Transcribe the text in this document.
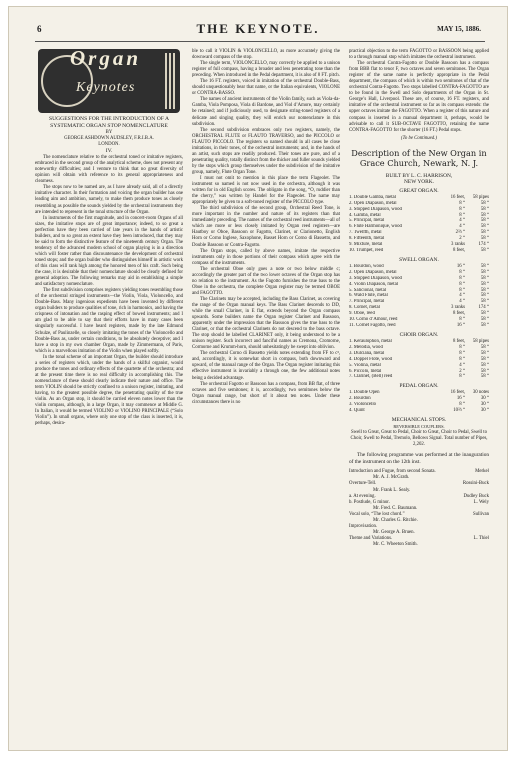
6	THE KEYNOTE.	MAY 15, 1886.
Organ
Keynotes

SUGGESTIONS FOR THE INTRODUCTION OF A

SYSTEMATIC ORGAN STOP NOMENCLATURE

BY

GEORGE ASHDOWN AUDSLEY, F.R.I.B.A.

LONDON.

IV.

The nomenclature relative to the orchestral toned or imitative registers, embraced in the second group of the analytical scheme, does not present any noteworthy difficulties; and I venture to think that no great diversity of opinion will obtain with reference to its general appropriateness and clearness.

The stops now to be named are, as I have already said, all of a directly imitative character. In their formation and voicing the organ builder has one leading aim and ambition, namely, to make them produce tones as closely resembling as possible the sounds yielded by the orchestral instruments they are intended to represent in the tonal structure of the Organ.

In instruments of the first magnitude, and in concert-room Organs of all sizes, the imitative stops are of great importance; indeed, to so great a perfection have they been carried of late years in the hands of artistic builders, and to so great an extent have they been introduced, that they may be said to form the distinctive feature of the nineteenth century Organ. The tendency of the advanced modern school of organ playing is in a direction which will foster rather than discountenance the development of orchestral toned stops; and the organ builder who distinguishes himself in artistic work of this class will rank high among the honored men of his craft. Such being the case, it is desirable that their nomenclature should be clearly defined for general adoption. The following remarks may aid in establishing a simple and satisfactory nomenclature.

The first subdivision comprises registers yielding tones resembling those of the orchestral stringed instruments—the Violin, Viola, Violoncello, and Double-Bass. Many ingenious expedients have been invented by different organ builders to produce qualities of tone, rich in harmonics, and having the crispness of intonation and the rasping effect of bowed instruments; and I am glad to be able to say that their efforts have in many cases been singularly successful. I have heard registers, made by the late Edmund Schulze, of Paulinzelle, so closely imitating the tones of the Violoncello and Double-Bass as, under certain conditions, to be absolutely deceptive; and I have a stop in my own chamber Organ, made by Zimmermann, of Paris, which is a marvellous imitation of the Violin when played softly.

In the tonal scheme of an important Organ, the builder should introduce a series of registers which, under the hands of a skilful organist, would produce the tones and ordinary effects of the quartette of the orchestra; and at the present time there is no real difficulty in accomplishing this. The nomenclature of these should clearly indicate their nature and office. The term VIOLIN should be strictly confined to a unison register, imitating, and having, to the greatest possible degree, the penetrating quality of the true violin. As an Organ stop, it should be carried eleven notes lower than the violin compass, although, in a large Organ, it may commence at Middle G. In Italian, it would be termed VIOLINO or VIOLINO PRINCIPALE (“Solo Violin”). In small organs, where only one stop of the class is inserted, it is, perhaps, desira-

ble to call it VIOLIN & VIOLONCELLO, as more accurately giving the downward compass of the stop.

The single term, VIOLONCELLO, may correctly be applied to a unison register of full compass, having a broader and less penetrating tone than the preceding. When introduced in the Pedal department, it is also of 8 FT. pitch.

The 16 FT. registers, voiced in imitation of the orchestral Double-Bass, should unquestionably bear that name, or the Italian equivalents, VIOLONE or CONTRA-BASSO.

The names of ancient instruments of the Violin family, such as Viola-da-Gamba, Viola Pomposa, Viola di Bardone, and Viol d’Amore, may certainly be retained; and if judiciously used, to designate string-toned registers of a delicate and singing quality, they will enrich our nomenclature in this subdivision.

The second subdivision embraces only two registers, namely, the ORCHESTRAL FLUTE or FLAUTO TRAVERSO, and the PICCOLO or FLAUTO PICCOLO. The registers so named should in all cases be close imitations, in their tones, of the orchestral instruments; and, in the hands of an artist, such stops are readily produced. Their tones are pure, and of a penetrating quality, totally distinct from the thicker and fuller sounds yielded by the stops which group themselves under the subdivision of the imitative group, namely, Flute Organ Tone.

I must not omit to mention in this place the term Flageolet. The instrument so named is not now used in the orchestra, although it was written for in old English scores. The obligato in the song, “O, ruddier than the cherry,” was written by Handel for the Flageolet. The name may appropriately be given to a soft-toned register of the PICCOLO type.

The third subdivision of the second group, Orchestral Reed Tone, is more important in the number and nature of its registers than that immediately preceding. The names of the orchestral reed instruments—all of which are more or less closely imitated by Organ reed registers—are Hautboy or Oboe, Bassoon or Fagotto, Clarinet, or Clarionetto, English Horn or Corno Inglese, Saxophone, Basset Horn or Corno di Bassetto, and Double Bassoon or Contra-Fagotto.

The Organ stops, called by above names, imitate the respective instruments only in those portions of their compass which agree with the compass of the instruments.

The orchestral Oboe only goes a note or two below middle c; accordingly the greater part of the two lower octaves of the Organ stop has no relation to the instrument. As the Fagotto furnishes the true bass to the Oboe in the orchestra, the complete Organ register may be termed OBOE and FAGOTTO.

The Clarinets may be accepted, including the Bass Clarinet, as covering the range of the Organ manual keys. The Bass Clarinet descends to DD, while the small Clarinet, in E flat, extends beyond the Organ compass upwards. Some builders name the Organ register Clarinet and Bassoon, apparently under the impression that the Bassoon gives the true bass to the Clarinet, or that the orchestral Clarinets do not descend to the bass octave. The stop should be labelled CLARINET only, it being understood to be a unison register. Such incorrect and fanciful names as Cremona, Cromorne, Cormorne and Krumm-horn, should unhesitatingly be swept into oblivion.

The orchestral Corno di Bassetto yields notes extending from FF to c³, and, accordingly, it is somewhat short in compass, both downward and upward, of the manual range of the Organ. The Organ register imitating this effective instrument is invariably a through one, the few additional notes being a decided advantage.

The orchestral Fagotto or Bassoon has a compass, from BB flat, of three octaves and five semitones; it is, accordingly, two semitones below the Organ manual range, but short of it about ten notes. Under these circumstances there is no

practical objection to the term FAGOTTO or BASSOON being applied to a through manual stop which imitates the orchestral instrument.

The orchestral Contra-Fagotto or Double Bassoon has a compass from BBB flat to tenor F, two octaves and seven semitones. The Organ register of the same name is perfectly appropriate in the Pedal department, the compass of which is within two semitones of that of the orchestral Contra-Fagotto. Two stops labelled CONTRA-FAGOTTO are to be found in the Swell and Solo departments of the Organ in St. George’s Hall, Liverpool. These are, of course, 16 FT. registers, and imitative of the orchestral instrument so far as its compass extends: the upper octaves imitate the FAGOTTO. When a register of this nature and compass is inserted in a manual department it, perhaps, would be advisable to call it SUB-OCTAVE FAGOTTO, retaining the name CONTRA-FAGOTTO for the shorter (16 FT.) Pedal stops.

(To be Continued.)

Description of the New Organ in
Grace Church, Newark, N. J.

BUILT BY L. C. HARRISON,

NEW YORK.

GREAT ORGAN.
1. Double Gamba, metal	16 feet,	58 pipes
2. Open Diapason, metal	8 “	58 “
3. Stopped Diapason, wood	8 “	58 “
4. Gamba, metal	8 “	58 “
5. Principal, metal	4 “	58 “
6. Flute Harmonique, wood	4 “	58 “
7. Twelfth, metal	2⅔ “	58 “
8. Fifteenth, metal	2 “	58 “
9. Mixture, metal	3 ranks	174 “
10. Trumpet, reed	8 feet,	58 “
SWELL ORGAN.
1. Bourdon, wood	16 “	58 “
2. Open Diapason, metal	8 “	58 “
3. Stopped Diapason, wood	8 “	58 “
4. Violin Diapason, metal	8 “	58 “
5. Salicional, metal	8 “	58 “
6. Wald Flute, metal	4 “	58 “
7. Principal, metal	4 “	58 “
8. Cornet, metal	3 ranks	174 “
9. Oboe, reed	8 feet,	58 “
10. Corno d’Amour, reed	8 “	58 “
11. Cornet Fagotto, reed	16 “	58 “
CHOIR ORGAN.
1. Keraulophon, metal	8 feet,	58 pipes
2. Melodia, wood	8 “	58 “
3. Dulciana, metal	8 “	58 “
4. Doppel Flote, wood	8 “	58 “
5. Violina, metal	4 “	58 “
6. Piccolo, metal	2 “	58 “
7. Clarinet, (Bell) reed	8 “	58 “
PEDAL ORGAN.
1. Double Open	16 feet,	30 notes
2. Bourdon	16 “	30 “
3. Violoncello	8 “	30 “
4. Quint	10⅔ “	30 “
MECHANICAL STOPS.
REVERSIBLE COUPLERS.

Swell to Great, Great to Pedal, Choir to Great, Choir to Pedal, Swell to Choir, Swell to Pedal, Tremolo, Bellows Signal. Total number of Pipes, 2,202.

The following programme was performed at the inauguration of the instrument on the 12th inst.

Introduction and Fugue, from second Sonata.	Merkel
Mr. A. J. McGrath.
Overture-Tell.	Rossini-Buck
Mr. Frank L. Sealy.
a. At evening.	Dudley Buck
b. Postlude, G minor.	L. Wely
Mr. Fred. C. Baumann.
Vocal solo, “The lost chord.”	Sullivan
Mr. Charles G. Ritchie.
Improvisation.
Mr. George A. Bruen.
Theme and Variations.	L. Thiel
Mr. C. Wheeton Smith.
